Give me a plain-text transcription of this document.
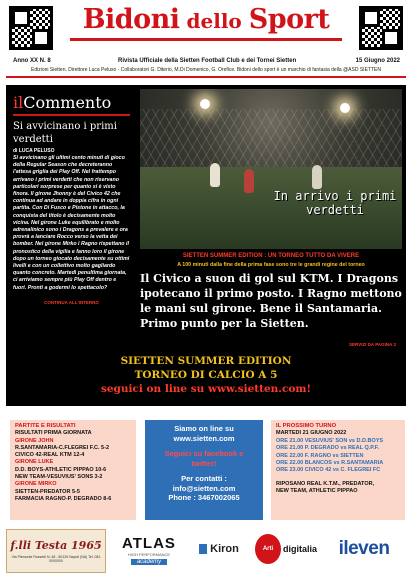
Bidoni dello Sport
Anno XX N. 8	Rivista Ufficiale della Sietten Football Club e dei Tornei Sietten	15 Giugno 2022
Edizioni Sietten. Direttore Luca Peluso - Collaboratori G. Diterio, M.Di Domenico, G. Orefice. Bidoni dello sport è un marchio di fantasia della @ASD SIETTEN
ilCommento
Si avvicinano i primi verdetti
di LUCA PELUSO
Si avvicinano gli ultimi cento minuti di gioco della Regular Season che decreteranno l'attesa griglia dei Play Off. Nel frattempo arrivano i primi verdetti che non riservano particolari sorprese per quanto si è visto finora. Il girone Jhonny è del Civico 42 che continua ad andare in doppia cifra in ogni partita. Con Di Fusco e Pistone in attacco, la conquista del titolo è decisamente molto vicina. Nel girone Luke equilibrato e molto adrenalinico sono i Dragons a prevalere e ora provrà a lanciare Rocco verso la vetta dei bomber. Nel girone Mirko i Ragno rispettano il pronostico della vigilia e fanno loro il girone dopo un torneo giocato decisamente su ottimi livelli e con un collettivo molto gagliardo quanto concreto. Martedì penultima giornata, ci arriviamo sempre più Play Off dentro e fuori. Pronti a godermi lo spettacolo?
CONTINUA ALL'INTERNO
In arrivo i primi verdetti
SIETTEN SUMMER EDITION : UN TORNEO TUTTO DA VIVERE
A 100 minuti dalla fine della prima fase sono tre le grandi regine del torneo
Il Civico a suon di gol sul KTM. I Dragons ipotecano il primo posto. I Ragno mettono le mani sul girone. Bene il Santamaria. Primo punto per la Sietten.
SERVIZI DA PAGINA 2
SIETTEN SUMMER EDITION
TORNEO DI CALCIO A 5
seguici on line su www.sietten.com!
PARTITE E RISULTATI
RISULTATI PRIMA GIORNATA
GIRONE JOHN
R.SANTAMARIA-C.FLEGREI F.C. 5-2
CIVICO 42-REAL KTM 12-4
GIRONE LUKE
D.D. BOYS-ATHLETIC PIPPAO 10-6
NEW TEAM-VESUVIUS' SONS 3-2
GIRONE MIRKO
SIETTEN-PREDATOR 5-5
FARMACIA RAGNO-P. DEGRADO 8-6
Siamo on line su
www.sietten.com
Seguici su facebook e
twitter!
Per contatti :
info@sietten.com
Phone : 3467002065
IL PROSSIMO TURNO
MARTEDI 21 GIUGNO 2022
ORE 21.00 VESUVIUS' SON vs D.D.BOYS
ORE 21.00 P. DEGRADO vs REAL Q.P.F.
ORE 22.00 F. RAGNO vs SIETTEN
ORE 22.00 BLANCOS vs R.SANTAMARIA
ORE 23.00 CIVICO 42 vs C. FLEGREI FC
RIPOSANO REAL K.T.M., PREDATOR,
NEW TEAM, ATHLETIC PIPPAO
f.lli Testa 1965
Via Piemonte Rossetti N. 48 - 80126 Napoli (NA) Tel. 081 0000000
ATLAS
HIGH PERFORMANCE
academy
Kiron	Arti	digitalia ileven
